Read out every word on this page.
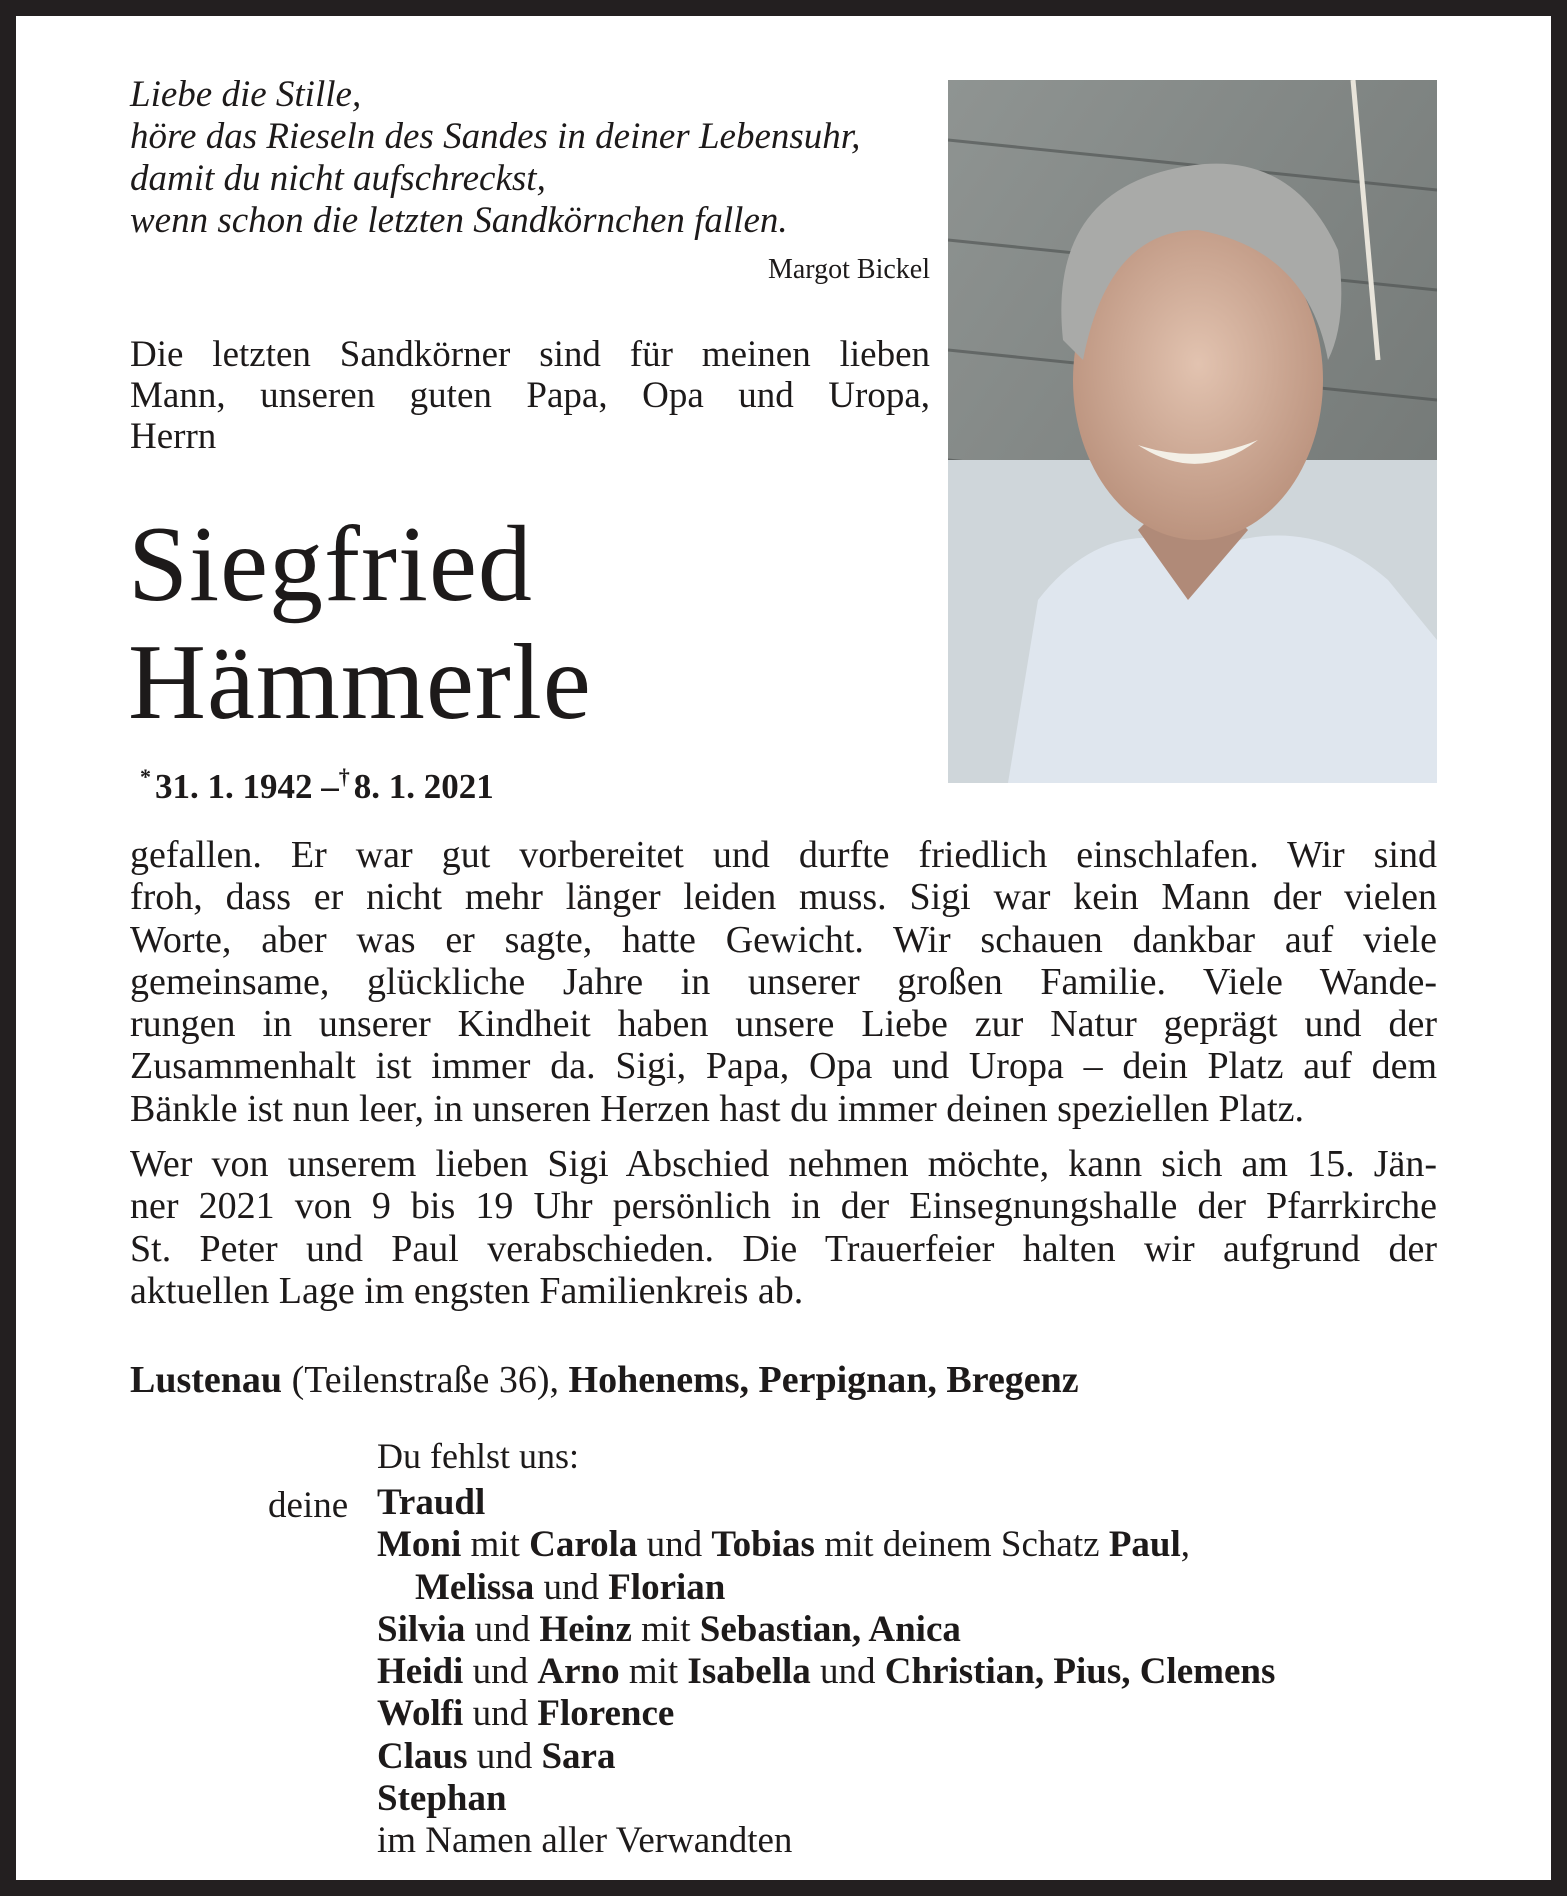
Liebe die Stille,
höre das Rieseln des Sandes in deiner Lebensuhr,
damit du nicht aufschreckst,
wenn schon die letzten Sandkörnchen fallen.
Margot Bickel
Die letzten Sandkörner sind für meinen lieben
Mann, unseren guten Papa, Opa und Uropa,
Herrn
Siegfried
Hämmerle
* 31. 1. 1942 –† 8. 1. 2021
gefallen. Er war gut vorbereitet und durfte friedlich einschlafen. Wir sind
froh, dass er nicht mehr länger leiden muss. Sigi war kein Mann der vielen
Worte, aber was er sagte, hatte Gewicht. Wir schauen dankbar auf viele
gemeinsame, glückliche Jahre in unserer großen Familie. Viele Wande-
rungen in unserer Kindheit haben unsere Liebe zur Natur geprägt und der
Zusammenhalt ist immer da. Sigi, Papa, Opa und Uropa – dein Platz auf dem
Bänkle ist nun leer, in unseren Herzen hast du immer deinen speziellen Platz.
Wer von unserem lieben Sigi Abschied nehmen möchte, kann sich am 15. Jän-
ner 2021 von 9 bis 19 Uhr persönlich in der Einsegnungshalle der Pfarrkirche
St. Peter und Paul verabschieden. Die Trauerfeier halten wir aufgrund der
aktuellen Lage im engsten Familienkreis ab.
Lustenau (Teilenstraße 36), Hohenems, Perpignan, Bregenz
Du fehlst uns:
deine Traudl
Moni mit Carola und Tobias mit deinem Schatz Paul,
Melissa und Florian
Silvia und Heinz mit Sebastian, Anica
Heidi und Arno mit Isabella und Christian, Pius, Clemens
Wolfi und Florence
Claus und Sara
Stephan
im Namen aller Verwandten
